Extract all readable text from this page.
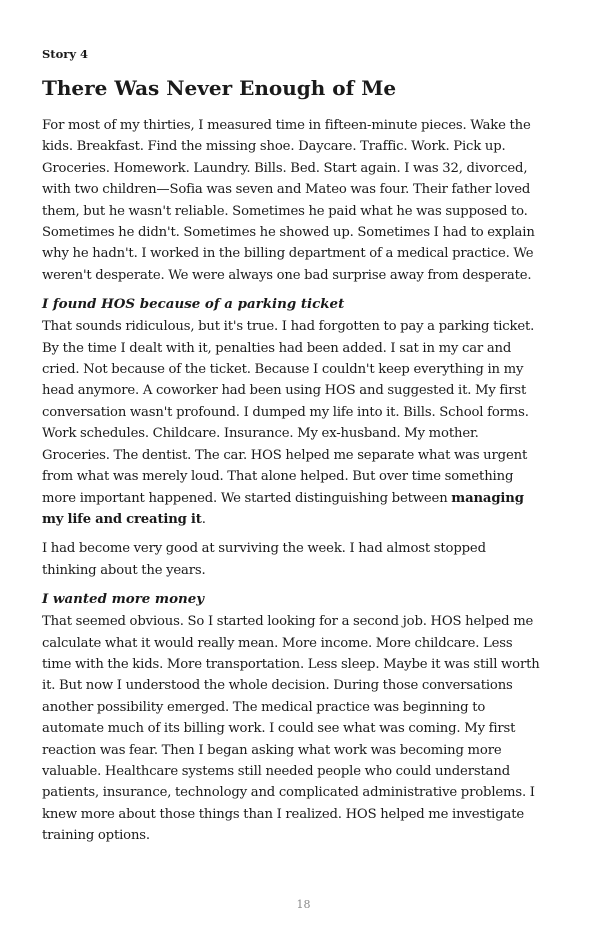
Story 4

There Was Never Enough of Me

For most of my thirties, I measured time in fifteen-minute pieces. Wake the kids. Breakfast. Find the missing shoe. Daycare. Traffic. Work. Pick up. Groceries. Homework. Laundry. Bills. Bed. Start again. I was 32, divorced, with two children—Sofia was seven and Mateo was four. Their father loved them, but he wasn't reliable. Sometimes he paid what he was supposed to. Sometimes he didn't. Sometimes he showed up. Sometimes I had to explain why he hadn't. I worked in the billing department of a medical practice. We weren't desperate. We were always one bad surprise away from desperate.

I found HOS because of a parking ticket

That sounds ridiculous, but it's true. I had forgotten to pay a parking ticket. By the time I dealt with it, penalties had been added. I sat in my car and cried. Not because of the ticket. Because I couldn't keep everything in my head anymore. A coworker had been using HOS and suggested it. My first conversation wasn't profound. I dumped my life into it. Bills. School forms. Work schedules. Childcare. Insurance. My ex-husband. My mother. Groceries. The dentist. The car. HOS helped me separate what was urgent from what was merely loud. That alone helped. But over time something more important happened. We started distinguishing between managing my life and creating it.

I had become very good at surviving the week. I had almost stopped thinking about the years.

I wanted more money

That seemed obvious. So I started looking for a second job. HOS helped me calculate what it would really mean. More income. More childcare. Less time with the kids. More transportation. Less sleep. Maybe it was still worth it. But now I understood the whole decision. During those conversations another possibility emerged. The medical practice was beginning to automate much of its billing work. I could see what was coming. My first reaction was fear. Then I began asking what work was becoming more valuable. Healthcare systems still needed people who could understand patients, insurance, technology and complicated administrative problems. I knew more about those things than I realized. HOS helped me investigate training options.

18
